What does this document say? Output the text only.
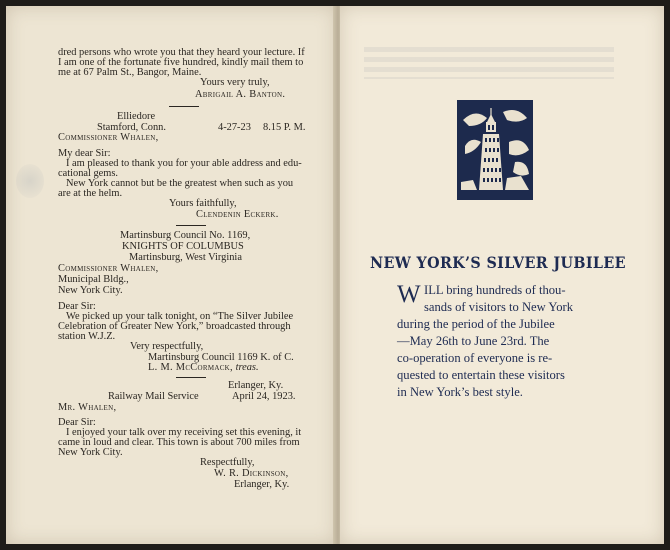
dred persons who wrote you that they heard your lecture. If
I am one of the fortunate five hundred, kindly mail them to
me at 67 Palm St., Bangor, Maine.
Yours very truly,
Abrigail A. Banton.
Elliedore
Stamford, Conn.	4-27-23 8.15 P. M.
Commissioner Whalen,
My dear Sir:
I am pleased to thank you for your able address and edu-
cational gems.
New York cannot but be the greatest when such as you
are at the helm.
Yours faithfully,
Clendenin Eckerk.
Martinsburg Council No. 1169,
KNIGHTS OF COLUMBUS
Martinsburg, West Virginia
Commissioner Whalen,
Municipal Bldg.,
New York City.
Dear Sir:
We picked up your talk tonight, on “The Silver Jubilee
Celebration of Greater New York,” broadcasted through
station W.J.Z.
Very respectfully,
Martinsburg Council 1169 K. of C.
L. M. McCormack, treas.
Erlanger, Ky.
Railway Mail Service	April 24, 1923.
Mr. Whalen,
Dear Sir:
I enjoyed your talk over my receiving set this evening, it
came in loud and clear. This town is about 700 miles from
New York City.
Respectfully,
W. R. Dickinson,
Erlanger, Ky.
NEW YORK’S SILVER JUBILEE
W ILL bring hundreds of thou-
sands of visitors to New York
during the period of the Jubilee
—May 26th to June 23rd. The
co-operation of everyone is re-
quested to entertain these visitors
in New York’s best style.
